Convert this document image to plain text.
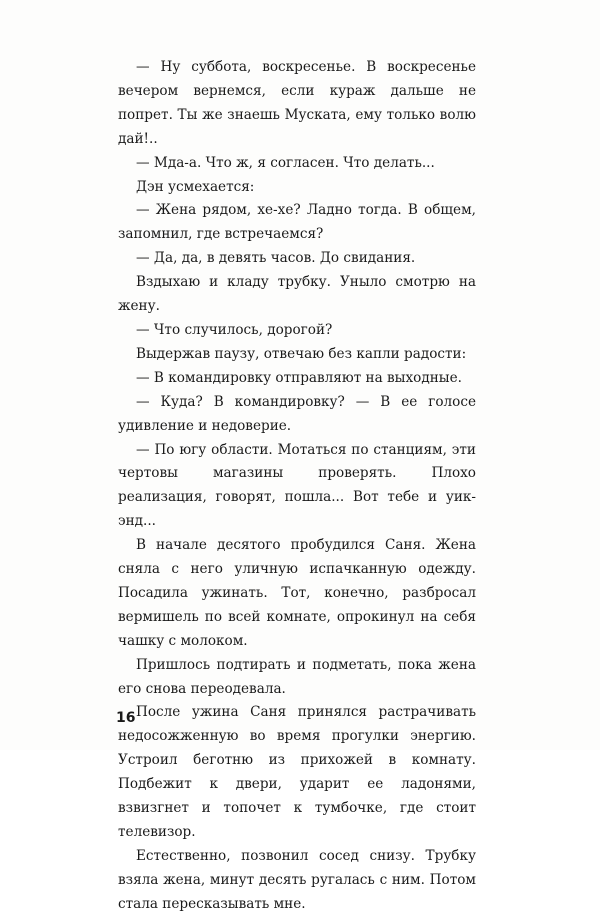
— Ну суббота, воскресенье. В воскресенье вечером вернемся, если кураж дальше не попрет. Ты же знаешь Муската, ему только волю дай!..

— Мда-а. Что ж, я согласен. Что делать...

Дэн усмехается:

— Жена рядом, хе-хе? Ладно тогда. В общем, запомнил, где встречаемся?

— Да, да, в девять часов. До свидания.

Вздыхаю и кладу трубку. Уныло смотрю на жену.

— Что случилось, дорогой?

Выдержав паузу, отвечаю без капли радости:

— В командировку отправляют на выходные.

— Куда? В командировку? — В ее голосе удивление и недоверие.

— По югу области. Мотаться по станциям, эти чертовы магазины проверять. Плохо реализация, говорят, пошла... Вот тебе и уик-энд...

В начале десятого пробудился Саня. Жена сняла с него уличную испачканную одежду. Посадила ужинать. Тот, конечно, разбросал вермишель по всей комнате, опрокинул на себя чашку с молоком.

Пришлось подтирать и подметать, пока жена его снова переодевала.

После ужина Саня принялся растрачивать недосожженную во время прогулки энергию. Устроил беготню из прихожей в комнату. Подбежит к двери, ударит ее ладонями, взвизгнет и топочет к тумбочке, где стоит телевизор.

Естественно, позвонил сосед снизу. Трубку взяла жена, минут десять ругалась с ним. Потом стала пересказывать мне.

16
